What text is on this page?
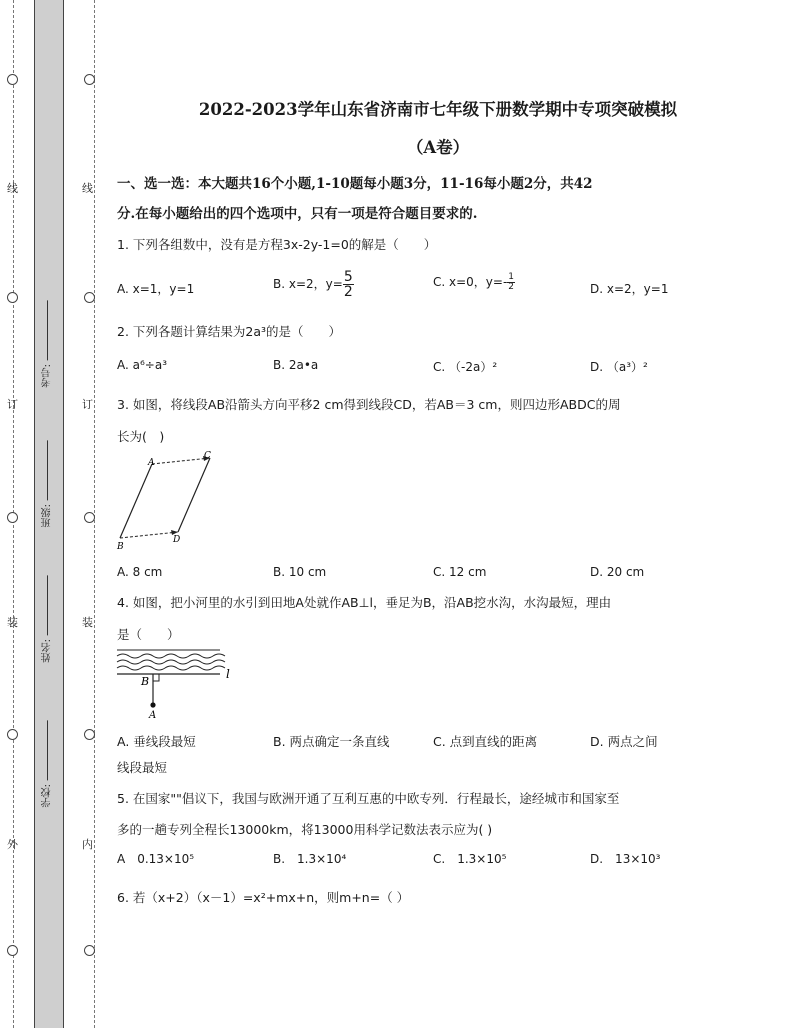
线
订
装
外
线
订
装
内
考号:
班级:
姓名:
学校:
2022-2023学年山东省济南市七年级下册数学期中专项突破模拟
（A卷）
一、选一选：本大题共16个小题,1-10题每小题3分，11-16每小题2分，共42
分.在每小题给出的四个选项中，只有一项是符合题目要求的.
1. 下列各组数中，没有是方程3x-2y-1=0的解是（　　）
A. x=1，y=1	B. x=2，$y= \frac{5}{2}$	C. x=0，$y=- \frac{1}{2}$	D. x=2，y=1
2. 下列各题计算结果为2a³的是（　　）
A. a⁶÷a³	B. 2a•a	C. （-2a）²	D. （a³）²
3. 如图，将线段AB沿箭头方向平移2 cm得到线段CD，若AB＝3 cm，则四边形ABDC的周
长为(　)
A
C
B
D
A. 8 cm	B. 10 cm	C. 12 cm	D. 20 cm
4. 如图，把小河里的水引到田地A处就作AB⊥l，垂足为B，沿AB挖水沟，水沟最短，理由
是（　　）
B
A
l
A. 垂线段最短	B. 两点确定一条直线	C. 点到直线的距离	D. 两点之间
线段最短
5. 在国家""倡议下，我国与欧洲开通了互利互惠的中欧专列．行程最长，途经城市和国家至
多的一趟专列全程长13000km，将13000用科学记数法表示应为( )
A　0.13×10⁵	B.　1.3×10⁴	C.　1.3×10⁵	D.　13×10³
6. 若（x+2）（x－1）=x²+mx+n，则m+n=（ ）
